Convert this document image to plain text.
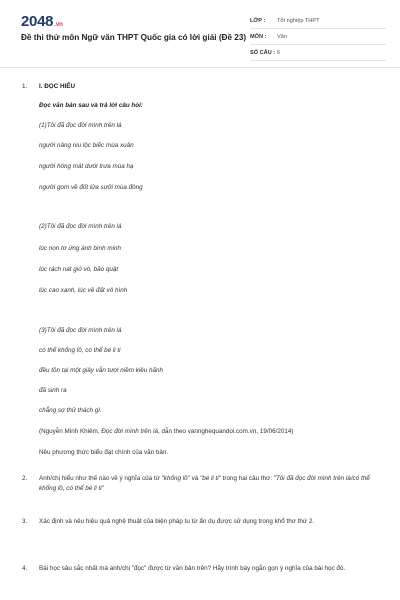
2048 .vn
Đề thi thử môn Ngữ văn THPT Quốc gia có lời giải (Đề 23)
LỚP :	Tốt nghiệp THPT
MÔN :	Văn
SỐ CÂU : 6
1. I. ĐỌC HIỂU
Đọc văn bản sau và trả lời câu hỏi:
(1)Tôi đã đọc đời mình trên lá
người nâng niu lộc biếc mùa xuân
người hóng mát dưới trưa mùa hạ
người gom về đốt lửa sưởi mùa đông
(2)Tôi đã đọc đời mình trên lá
lúc non tơ ứng ánh bình minh
lúc rách nát gió vò, bão quật
lúc cao xanh, lúc về đất vô hình
(3)Tôi đã đọc đời mình trên lá
có thể khổng lồ, có thể bé li ti
đều tồn tại một giây vẫn tươi niềm kiêu hãnh
đã sinh ra
chẳng sợ thử thách gì.
(Nguyễn Minh Khiêm, Đọc đời mình trên lá, dẫn theo vannghequandoi.com.vn, 19/06/2014)
Nêu phương thức biểu đạt chính của văn bản.
2. Anh/chị hiểu như thế nào về ý nghĩa của từ "khổng lồ" và "bé li ti" trong hai câu thơ: "Tôi đã đọc đời mình trên lá/có thể khổng lồ, có thể bé li ti"
3. Xác định và nêu hiệu quả nghệ thuật của biện pháp tu từ ẩn dụ được sử dụng trong khổ thơ thứ 2.
4. Bài học sâu sắc nhất mà anh/chị "đọc" được từ văn bản trên? Hãy trình bày ngắn gọn ý nghĩa của bài học đó.
